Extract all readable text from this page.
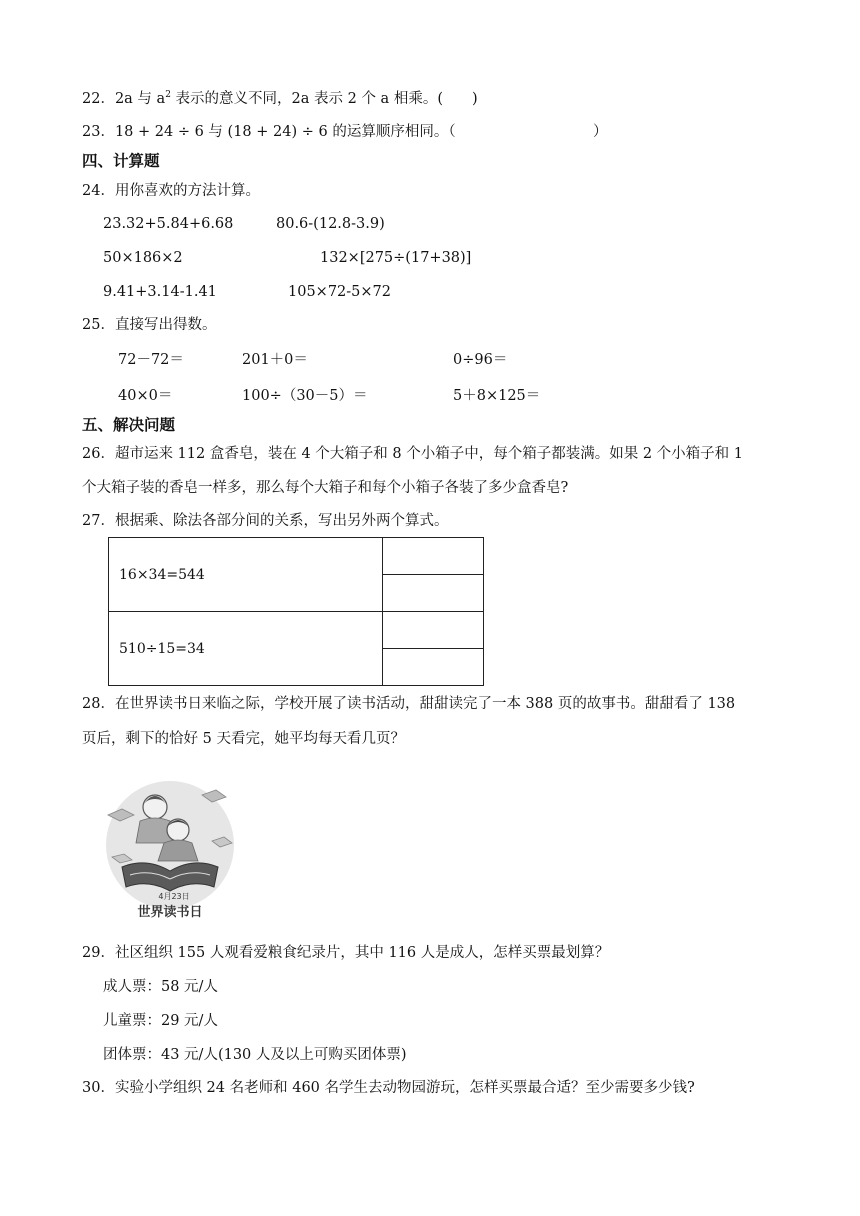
22．2a 与 $a^2$ 表示的意义不同，2a 表示 2 个 a 相乘。(　　)
23．18 + 24 ÷ 6 与 (18 + 24) ÷ 6 的运算顺序相同。（	）
四、计算题
24．用你喜欢的方法计算。
23.32+5.84+6.68	80.6-(12.8-3.9)
50×186×2	132×[275÷(17+38)]
9.41+3.14-1.41	105×72-5×72
25．直接写出得数。
72－72＝	201＋0＝	0÷96＝
40×0＝	100÷（30－5）＝	5＋8×125＝
五、解决问题
26．超市运来 112 盒香皂，装在 4 个大箱子和 8 个小箱子中，每个箱子都装满。如果 2 个小箱子和 1
个大箱子装的香皂一样多，那么每个大箱子和每个小箱子各装了多少盒香皂?
27．根据乘、除法各部分间的关系，写出另外两个算式。
16×34=544	

510÷15=34	

28．在世界读书日来临之际，学校开展了读书活动，甜甜读完了一本 388 页的故事书。甜甜看了 138
页后，剩下的恰好 5 天看完，她平均每天看几页？
4月23日
世界读书日
29．社区组织 155 人观看爱粮食纪录片，其中 116 人是成人，怎样买票最划算？
成人票：58 元/人
儿童票：29 元/人
团体票：43 元/人(130 人及以上可购买团体票)
30．实验小学组织 24 名老师和 460 名学生去动物园游玩，怎样买票最合适？至少需要多少钱?
